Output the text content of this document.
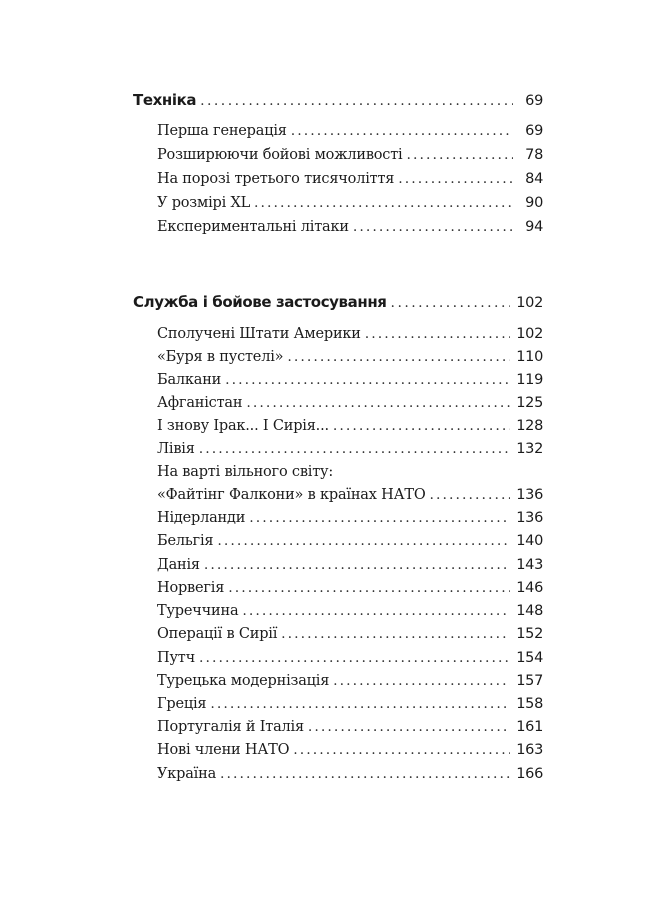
Техніка . . .	69
Перша генерація . . .	69
Розширюючи бойові можливості . . .	78
На порозі третього тисячоліття . . .	84
У розмірі XL . . .	90
Експериментальні літаки . . .	94
Служба і бойове застосування . . .	102
Сполучені Штати Америки . . .	102
«Буря в пустелі» . . .	110
Балкани . . .	119
Афганістан . . .	125
І знову Ірак... І Сирія... . . .	128
Лівія . . .	132
На варті вільного світу:
«Файтінг Фалкони» в країнах НАТО . . .	136
Нідерланди . . .	136
Бельгія . . .	140
Данія . . .	143
Норвегія . . .	146
Туреччина . . .	148
Операції в Сирії . . .	152
Путч . . .	154
Турецька модернізація . . .	157
Греція . . .	158
Португалія й Італія . . .	161
Нові члени НАТО . . .	163
Україна . . .	166
